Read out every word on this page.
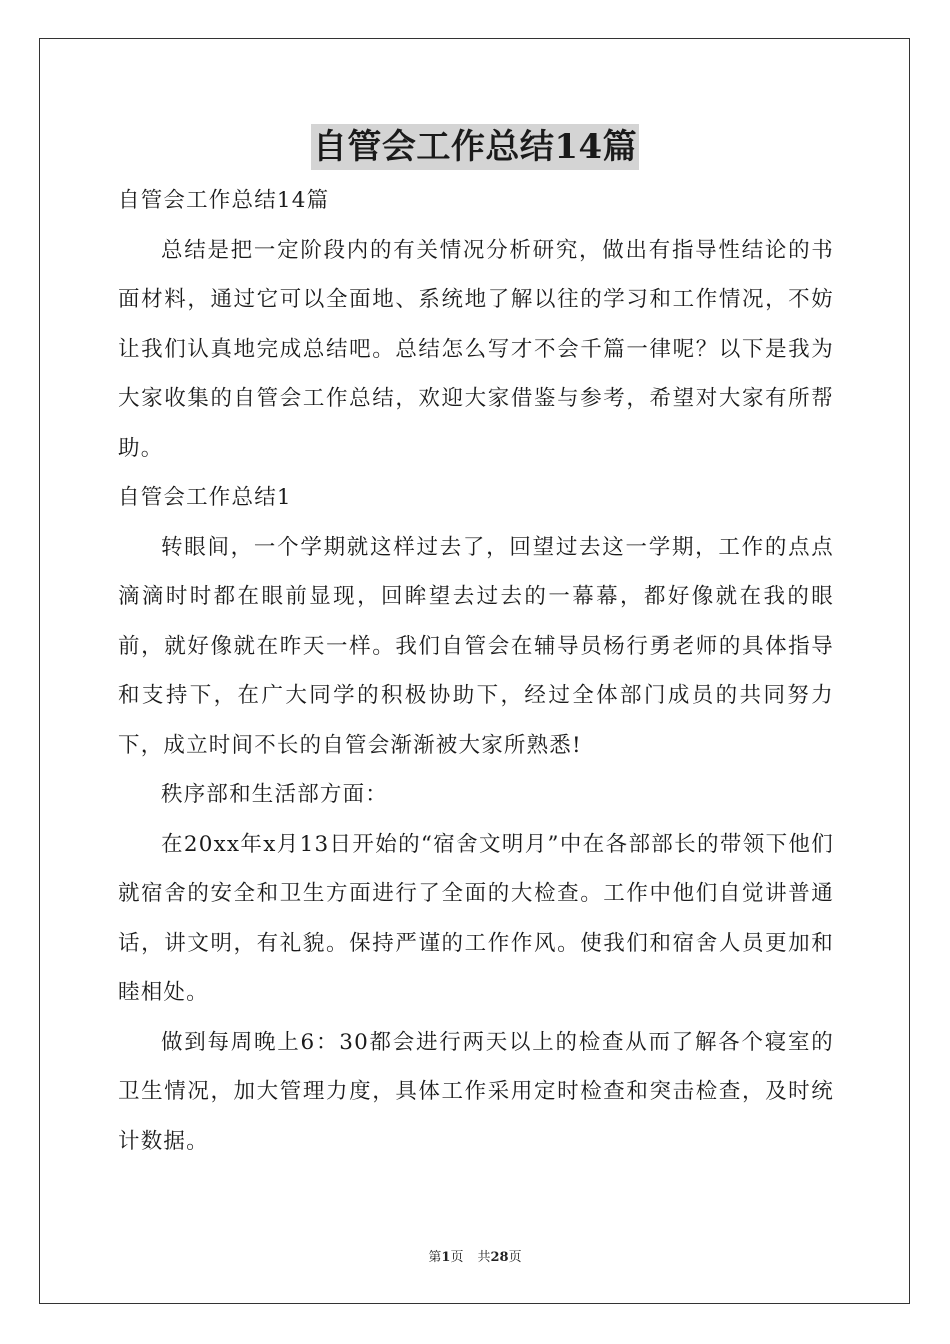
自管会工作总结14篇

自管会工作总结14篇

总结是把一定阶段内的有关情况分析研究，做出有指导性结论的书面材料，通过它可以全面地、系统地了解以往的学习和工作情况，不妨让我们认真地完成总结吧。总结怎么写才不会千篇一律呢？以下是我为大家收集的自管会工作总结，欢迎大家借鉴与参考，希望对大家有所帮助。

自管会工作总结1

转眼间，一个学期就这样过去了，回望过去这一学期，工作的点点滴滴时时都在眼前显现，回眸望去过去的一幕幕，都好像就在我的眼前，就好像就在昨天一样。我们自管会在辅导员杨行勇老师的具体指导和支持下，在广大同学的积极协助下，经过全体部门成员的共同努力下，成立时间不长的自管会渐渐被大家所熟悉!

秩序部和生活部方面：

在20xx年x月13日开始的“宿舍文明月”中在各部部长的带领下他们就宿舍的安全和卫生方面进行了全面的大检查。工作中他们自觉讲普通话，讲文明，有礼貌。保持严谨的工作作风。使我们和宿舍人员更加和睦相处。

做到每周晚上6：30都会进行两天以上的检查从而了解各个寝室的卫生情况，加大管理力度，具体工作采用定时检查和突击检查，及时统计数据。

第1页 共28页
